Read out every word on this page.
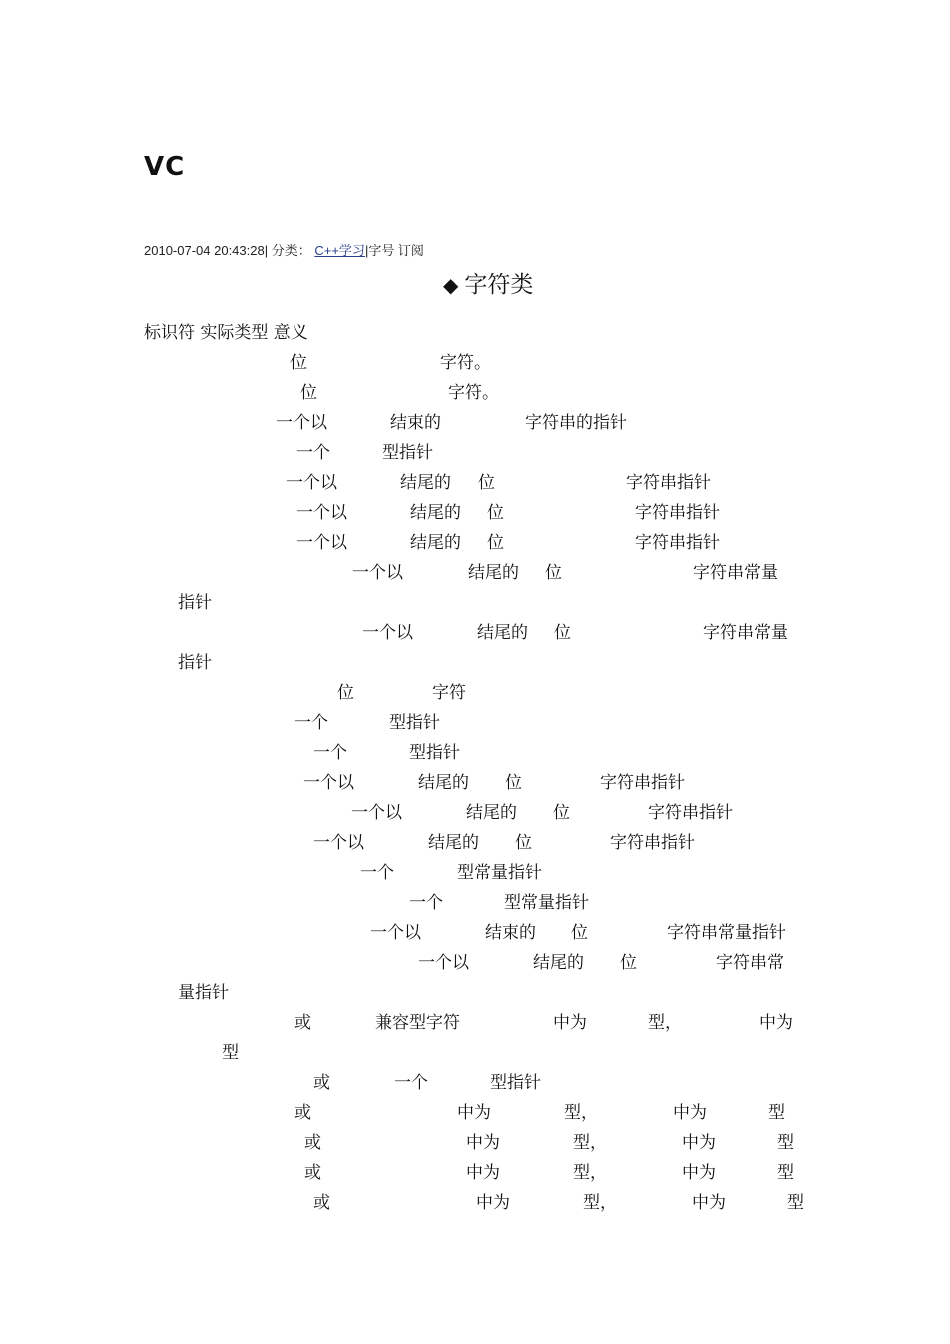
VC
2010-07-04 20:43:28| 分类： C++学习|字号 订阅
◆ 字符类
标识符 实际类型 意义
位	字符。
位	字符。
一个以	结束的	字符串的指针
一个	型指针
一个以	结尾的 位	字符串指针
一个以	结尾的 位	字符串指针
一个以	结尾的 位	字符串指针
一个以	结尾的 位	字符串常量
指针
一个以	结尾的 位	字符串常量
指针
位	字符
一个	型指针
一个	型指针
一个以	结尾的 位	字符串指针
一个以	结尾的 位	字符串指针
一个以	结尾的 位	字符串指针
一个	型常量指针
一个	型常量指针
一个以	结束的 位	字符串常量指针
一个以	结尾的 位	字符串常
量指针
或	兼容型字符	中为	型，	中为
型
或	一个	型指针
或	中为	型，	中为	型
或	中为	型，	中为	型
或	中为	型，	中为	型
或	中为	型，	中为	型
